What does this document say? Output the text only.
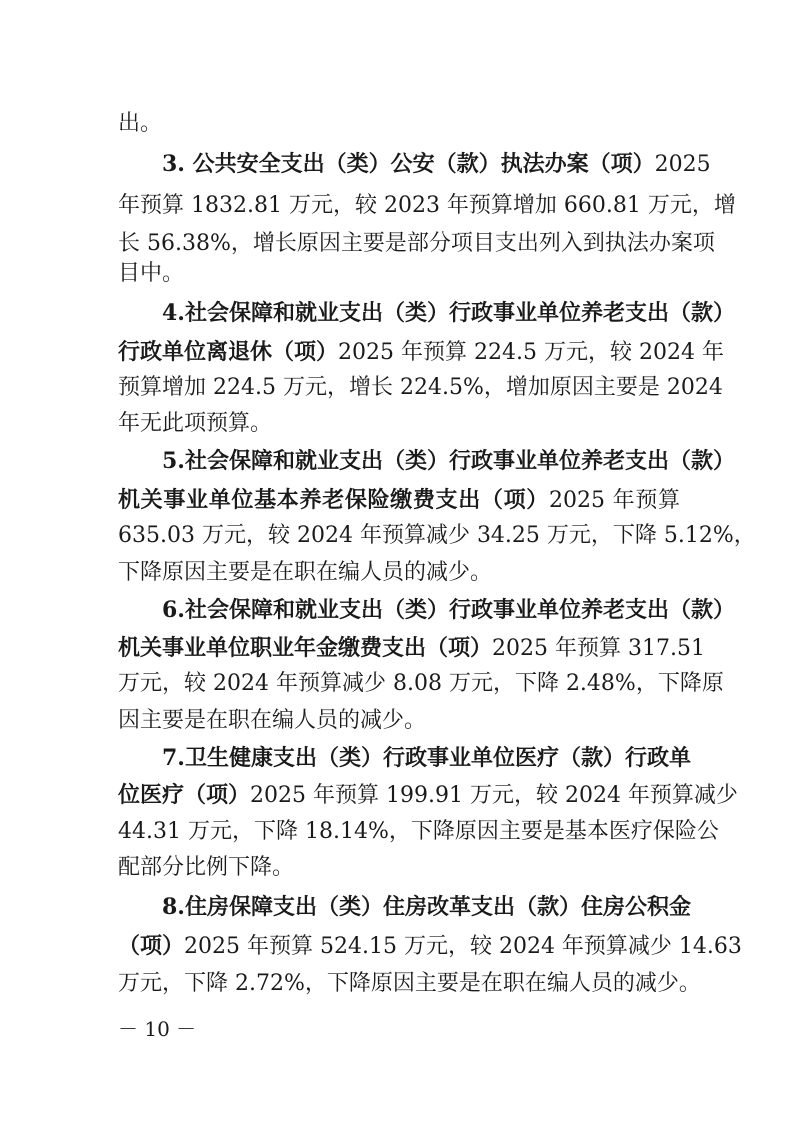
出。
3. 公共安全支出（类）公安（款）执法办案（项）2025
年预算 1832.81 万元，较 2023 年预算增加 660.81 万元，增
长 56.38%，增长原因主要是部分项目支出列入到执法办案项
目中。
4.社会保障和就业支出（类）行政事业单位养老支出（款）
行政单位离退休（项）2025 年预算 224.5 万元，较 2024 年
预算增加 224.5 万元，增长 224.5%，增加原因主要是 2024
年无此项预算。
5.社会保障和就业支出（类）行政事业单位养老支出（款）
机关事业单位基本养老保险缴费支出（项）2025 年预算
635.03 万元，较 2024 年预算减少 34.25 万元，下降 5.12%，
下降原因主要是在职在编人员的减少。
6.社会保障和就业支出（类）行政事业单位养老支出（款）
机关事业单位职业年金缴费支出（项）2025 年预算 317.51
万元，较 2024 年预算减少 8.08 万元，下降 2.48%，下降原
因主要是在职在编人员的减少。
7.卫生健康支出（类）行政事业单位医疗（款）行政单
位医疗（项）2025 年预算 199.91 万元，较 2024 年预算减少
44.31 万元，下降 18.14%，下降原因主要是基本医疗保险公
配部分比例下降。
8.住房保障支出（类）住房改革支出（款）住房公积金
（项）2025 年预算 524.15 万元，较 2024 年预算减少 14.63
万元，下降 2.72%，下降原因主要是在职在编人员的减少。
－ 10 －
